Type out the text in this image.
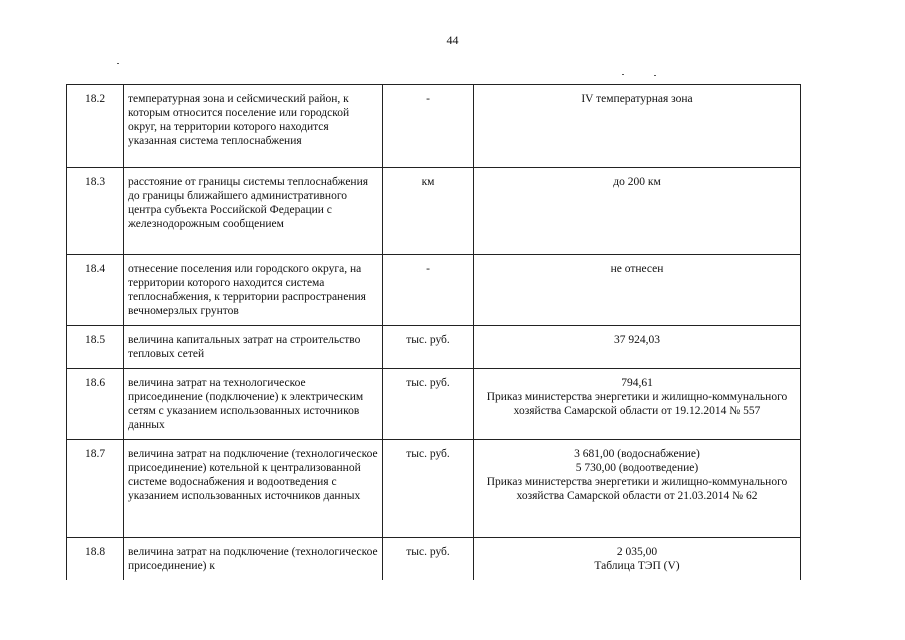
44
18.2	температурная зона и сейсмический район, к которым относится поселение или городской округ, на территории которого находится указанная система теплоснабжения	-	IV температурная зона

18.3	расстояние от границы системы теплоснабжения до границы ближайшего административного центра субъекта Российской Федерации с железнодорожным сообщением	км	до 200 км

18.4	отнесение поселения или городского округа, на территории которого находится система теплоснабжения, к территории распространения вечномерзлых грунтов	-	не отнесен

18.5	величина капитальных затрат на строительство тепловых сетей	тыс. руб.	37 924,03

18.6	величина затрат на технологическое присоединение (подключение) к электрическим сетям с указанием использованных источников данных	тыс. руб.	794,61
Приказ министерства энергетики и жилищно-коммунального хозяйства Самарской области от 19.12.2014 № 557

18.7	величина затрат на подключение (технологическое присоединение) котельной к централизованной системе водоснабжения и водоотведения с указанием использованных источников данных	тыс. руб.	3 681,00 (водоснабжение)
5 730,00 (водоотведение)
Приказ министерства энергетики и жилищно-коммунального хозяйства Самарской области от 21.03.2014 № 62

18.8	величина затрат на подключение (технологическое присоединение) к	тыс. руб.	2 035,00
Таблица ТЭП (V)
